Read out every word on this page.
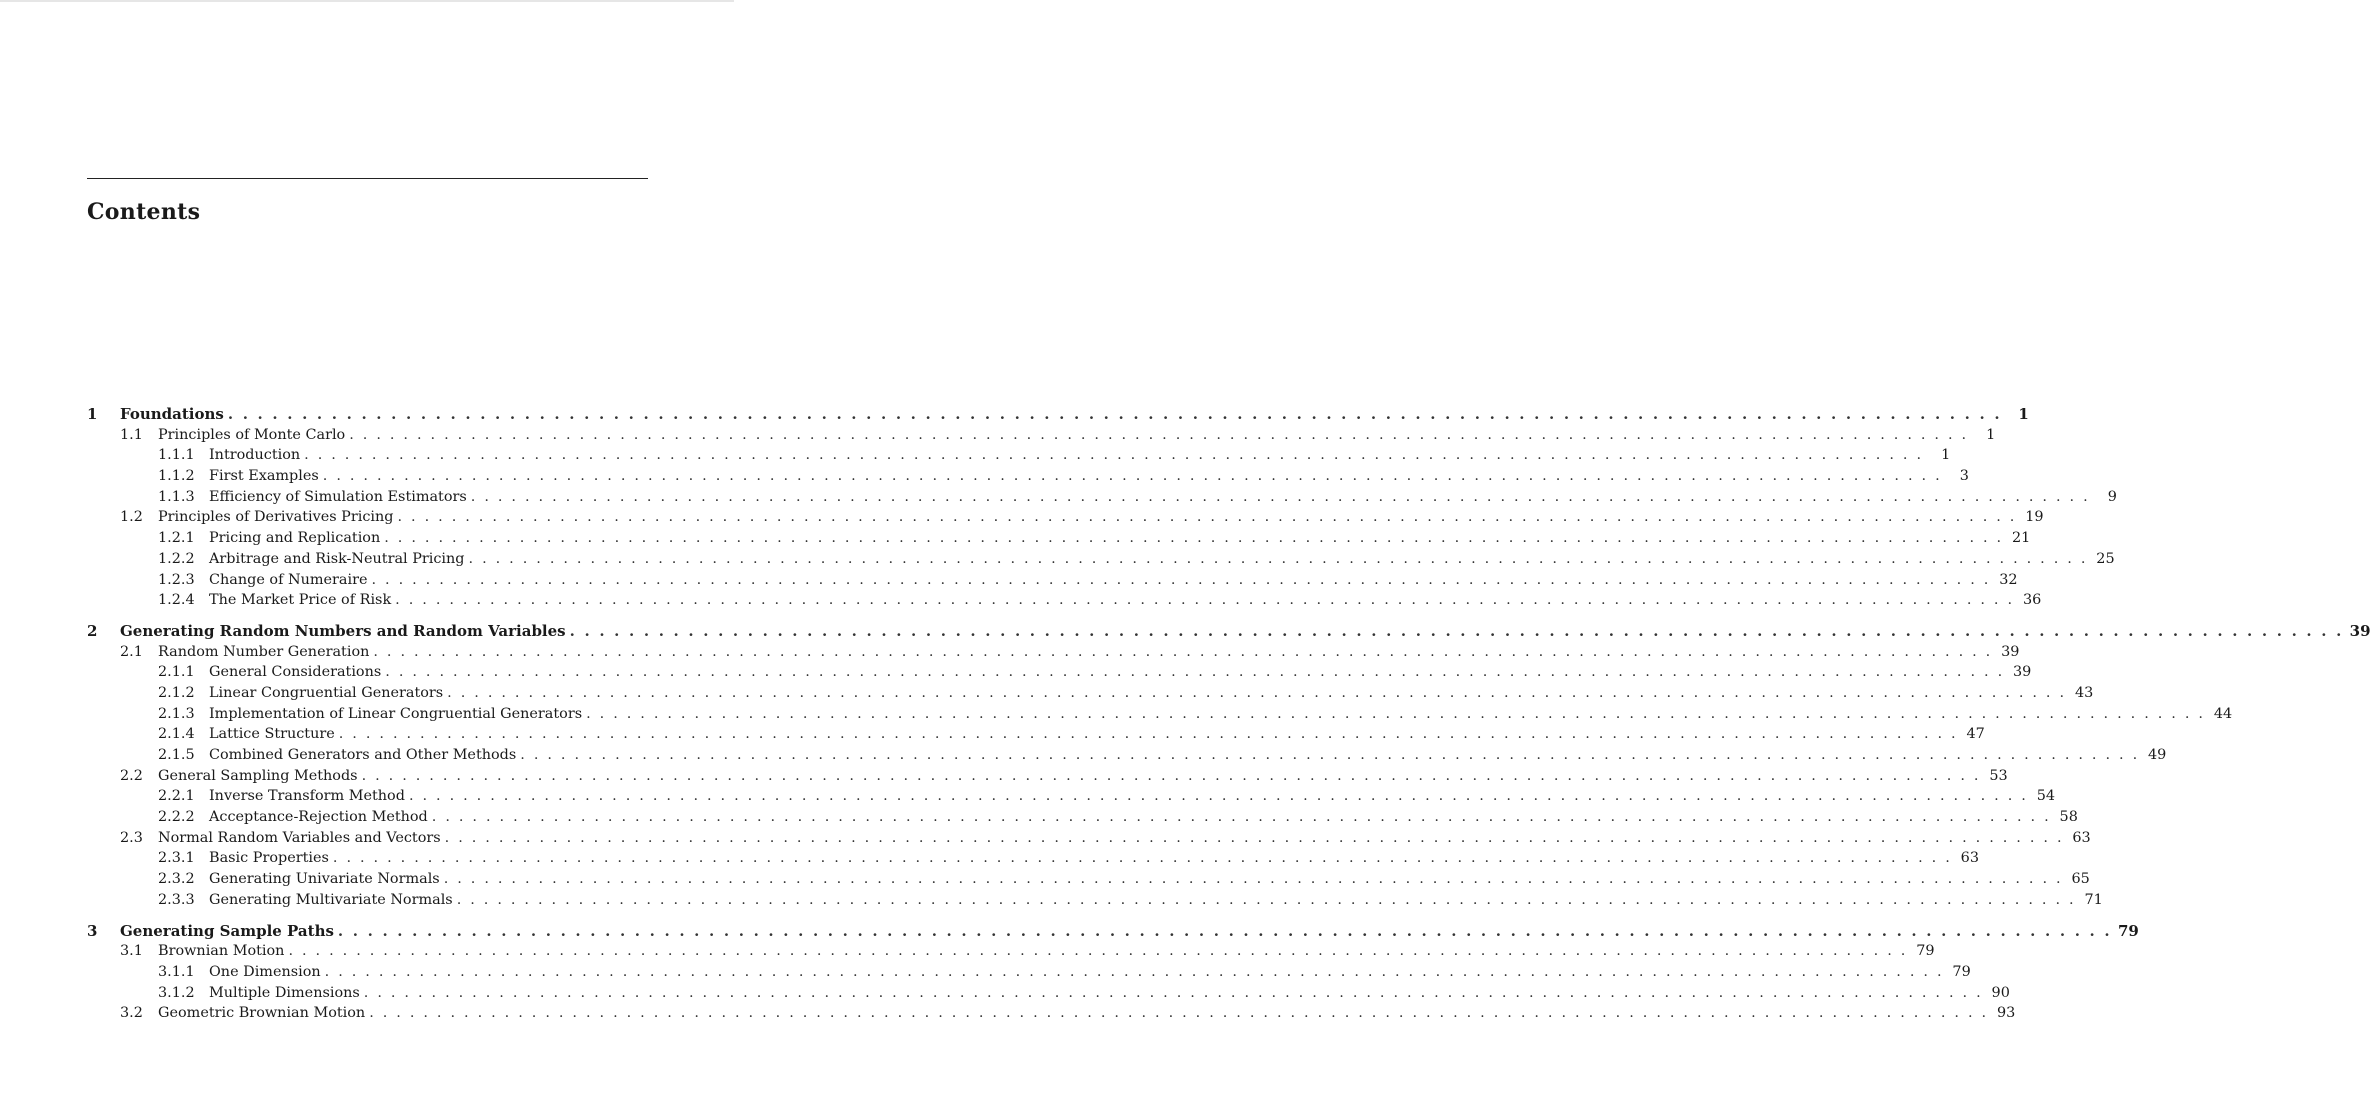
Contents
1	Foundations . . . . . . . . . . . . . . . . . . . . . . . . . . . . . . . . . . . . . . . . . . . . . . . . . . . . . . . . . . . . . . . . . . . . . . . . . . . . . . . . . . . . . . . . . . . . . . . . . . . . . . . . . . . . . . . . . . . . . . . .	1
1.1	Principles of Monte Carlo . . . . . . . . . . . . . . . . . . . . . . . . . . . . . . . . . . . . . . . . . . . . . . . . . . . . . . . . . . . . . . . . . . . . . . . . . . . . . . . . . . . . . . . . . . . . . . . . . . . . . . . . . . . . . . . . . . . . . . . .	1
1.1.1 Introduction . . . . . . . . . . . . . . . . . . . . . . . . . . . . . . . . . . . . . . . . . . . . . . . . . . . . . . . . . . . . . . . . . . . . . . . . . . . . . . . . . . . . . . . . . . . . . . . . . . . . . . . . . . . . . . . . . . . . . . . .	1
1.1.2 First Examples . . . . . . . . . . . . . . . . . . . . . . . . . . . . . . . . . . . . . . . . . . . . . . . . . . . . . . . . . . . . . . . . . . . . . . . . . . . . . . . . . . . . . . . . . . . . . . . . . . . . . . . . . . . . . . . . . . . . . . . .	3
1.1.3 Efficiency of Simulation Estimators . . . . . . . . . . . . . . . . . . . . . . . . . . . . . . . . . . . . . . . . . . . . . . . . . . . . . . . . . . . . . . . . . . . . . . . . . . . . . . . . . . . . . . . . . . . . . . . . . . . . . . . . . . . . . . . . . . . . . . . .	9
1.2	Principles of Derivatives Pricing . . . . . . . . . . . . . . . . . . . . . . . . . . . . . . . . . . . . . . . . . . . . . . . . . . . . . . . . . . . . . . . . . . . . . . . . . . . . . . . . . . . . . . . . . . . . . . . . . . . . . . . . . . . . . . . . . . . . . . . . 19
1.2.1 Pricing and Replication . . . . . . . . . . . . . . . . . . . . . . . . . . . . . . . . . . . . . . . . . . . . . . . . . . . . . . . . . . . . . . . . . . . . . . . . . . . . . . . . . . . . . . . . . . . . . . . . . . . . . . . . . . . . . . . . . . . . . . . . 21
1.2.2 Arbitrage and Risk-Neutral Pricing . . . . . . . . . . . . . . . . . . . . . . . . . . . . . . . . . . . . . . . . . . . . . . . . . . . . . . . . . . . . . . . . . . . . . . . . . . . . . . . . . . . . . . . . . . . . . . . . . . . . . . . . . . . . . . . . . . . . . . . . 25
1.2.3 Change of Numeraire . . . . . . . . . . . . . . . . . . . . . . . . . . . . . . . . . . . . . . . . . . . . . . . . . . . . . . . . . . . . . . . . . . . . . . . . . . . . . . . . . . . . . . . . . . . . . . . . . . . . . . . . . . . . . . . . . . . . . . . . 32
1.2.4 The Market Price of Risk . . . . . . . . . . . . . . . . . . . . . . . . . . . . . . . . . . . . . . . . . . . . . . . . . . . . . . . . . . . . . . . . . . . . . . . . . . . . . . . . . . . . . . . . . . . . . . . . . . . . . . . . . . . . . . . . . . . . . . . . 36
2	Generating Random Numbers and Random Variables . . . . . . . . . . . . . . . . . . . . . . . . . . . . . . . . . . . . . . . . . . . . . . . . . . . . . . . . . . . . . . . . . . . . . . . . . . . . . . . . . . . . . . . . . . . . . . . . . . . . . . . . . . . . . . . . . . . . . . . . 39
2.1	Random Number Generation . . . . . . . . . . . . . . . . . . . . . . . . . . . . . . . . . . . . . . . . . . . . . . . . . . . . . . . . . . . . . . . . . . . . . . . . . . . . . . . . . . . . . . . . . . . . . . . . . . . . . . . . . . . . . . . . . . . . . . . . 39
2.1.1 General Considerations . . . . . . . . . . . . . . . . . . . . . . . . . . . . . . . . . . . . . . . . . . . . . . . . . . . . . . . . . . . . . . . . . . . . . . . . . . . . . . . . . . . . . . . . . . . . . . . . . . . . . . . . . . . . . . . . . . . . . . . . 39
2.1.2 Linear Congruential Generators . . . . . . . . . . . . . . . . . . . . . . . . . . . . . . . . . . . . . . . . . . . . . . . . . . . . . . . . . . . . . . . . . . . . . . . . . . . . . . . . . . . . . . . . . . . . . . . . . . . . . . . . . . . . . . . . . . . . . . . . 43
2.1.3 Implementation of Linear Congruential Generators . . . . . . . . . . . . . . . . . . . . . . . . . . . . . . . . . . . . . . . . . . . . . . . . . . . . . . . . . . . . . . . . . . . . . . . . . . . . . . . . . . . . . . . . . . . . . . . . . . . . . . . . . . . . . . . . . . . . . . . . 44
2.1.4 Lattice Structure . . . . . . . . . . . . . . . . . . . . . . . . . . . . . . . . . . . . . . . . . . . . . . . . . . . . . . . . . . . . . . . . . . . . . . . . . . . . . . . . . . . . . . . . . . . . . . . . . . . . . . . . . . . . . . . . . . . . . . . . 47
2.1.5 Combined Generators and Other Methods . . . . . . . . . . . . . . . . . . . . . . . . . . . . . . . . . . . . . . . . . . . . . . . . . . . . . . . . . . . . . . . . . . . . . . . . . . . . . . . . . . . . . . . . . . . . . . . . . . . . . . . . . . . . . . . . . . . . . . . . 49
2.2	General Sampling Methods . . . . . . . . . . . . . . . . . . . . . . . . . . . . . . . . . . . . . . . . . . . . . . . . . . . . . . . . . . . . . . . . . . . . . . . . . . . . . . . . . . . . . . . . . . . . . . . . . . . . . . . . . . . . . . . . . . . . . . . . 53
2.2.1 Inverse Transform Method . . . . . . . . . . . . . . . . . . . . . . . . . . . . . . . . . . . . . . . . . . . . . . . . . . . . . . . . . . . . . . . . . . . . . . . . . . . . . . . . . . . . . . . . . . . . . . . . . . . . . . . . . . . . . . . . . . . . . . . . 54
2.2.2 Acceptance-Rejection Method . . . . . . . . . . . . . . . . . . . . . . . . . . . . . . . . . . . . . . . . . . . . . . . . . . . . . . . . . . . . . . . . . . . . . . . . . . . . . . . . . . . . . . . . . . . . . . . . . . . . . . . . . . . . . . . . . . . . . . . . 58
2.3	Normal Random Variables and Vectors . . . . . . . . . . . . . . . . . . . . . . . . . . . . . . . . . . . . . . . . . . . . . . . . . . . . . . . . . . . . . . . . . . . . . . . . . . . . . . . . . . . . . . . . . . . . . . . . . . . . . . . . . . . . . . . . . . . . . . . . 63
2.3.1 Basic Properties . . . . . . . . . . . . . . . . . . . . . . . . . . . . . . . . . . . . . . . . . . . . . . . . . . . . . . . . . . . . . . . . . . . . . . . . . . . . . . . . . . . . . . . . . . . . . . . . . . . . . . . . . . . . . . . . . . . . . . . . 63
2.3.2 Generating Univariate Normals . . . . . . . . . . . . . . . . . . . . . . . . . . . . . . . . . . . . . . . . . . . . . . . . . . . . . . . . . . . . . . . . . . . . . . . . . . . . . . . . . . . . . . . . . . . . . . . . . . . . . . . . . . . . . . . . . . . . . . . . 65
2.3.3 Generating Multivariate Normals . . . . . . . . . . . . . . . . . . . . . . . . . . . . . . . . . . . . . . . . . . . . . . . . . . . . . . . . . . . . . . . . . . . . . . . . . . . . . . . . . . . . . . . . . . . . . . . . . . . . . . . . . . . . . . . . . . . . . . . . 71
3	Generating Sample Paths . . . . . . . . . . . . . . . . . . . . . . . . . . . . . . . . . . . . . . . . . . . . . . . . . . . . . . . . . . . . . . . . . . . . . . . . . . . . . . . . . . . . . . . . . . . . . . . . . . . . . . . . . . . . . . . . . . . . . . . . 79
3.1	Brownian Motion . . . . . . . . . . . . . . . . . . . . . . . . . . . . . . . . . . . . . . . . . . . . . . . . . . . . . . . . . . . . . . . . . . . . . . . . . . . . . . . . . . . . . . . . . . . . . . . . . . . . . . . . . . . . . . . . . . . . . . . . 79
3.1.1 One Dimension . . . . . . . . . . . . . . . . . . . . . . . . . . . . . . . . . . . . . . . . . . . . . . . . . . . . . . . . . . . . . . . . . . . . . . . . . . . . . . . . . . . . . . . . . . . . . . . . . . . . . . . . . . . . . . . . . . . . . . . . 79
3.1.2 Multiple Dimensions . . . . . . . . . . . . . . . . . . . . . . . . . . . . . . . . . . . . . . . . . . . . . . . . . . . . . . . . . . . . . . . . . . . . . . . . . . . . . . . . . . . . . . . . . . . . . . . . . . . . . . . . . . . . . . . . . . . . . . . . 90
3.2	Geometric Brownian Motion . . . . . . . . . . . . . . . . . . . . . . . . . . . . . . . . . . . . . . . . . . . . . . . . . . . . . . . . . . . . . . . . . . . . . . . . . . . . . . . . . . . . . . . . . . . . . . . . . . . . . . . . . . . . . . . . . . . . . . . . 93
